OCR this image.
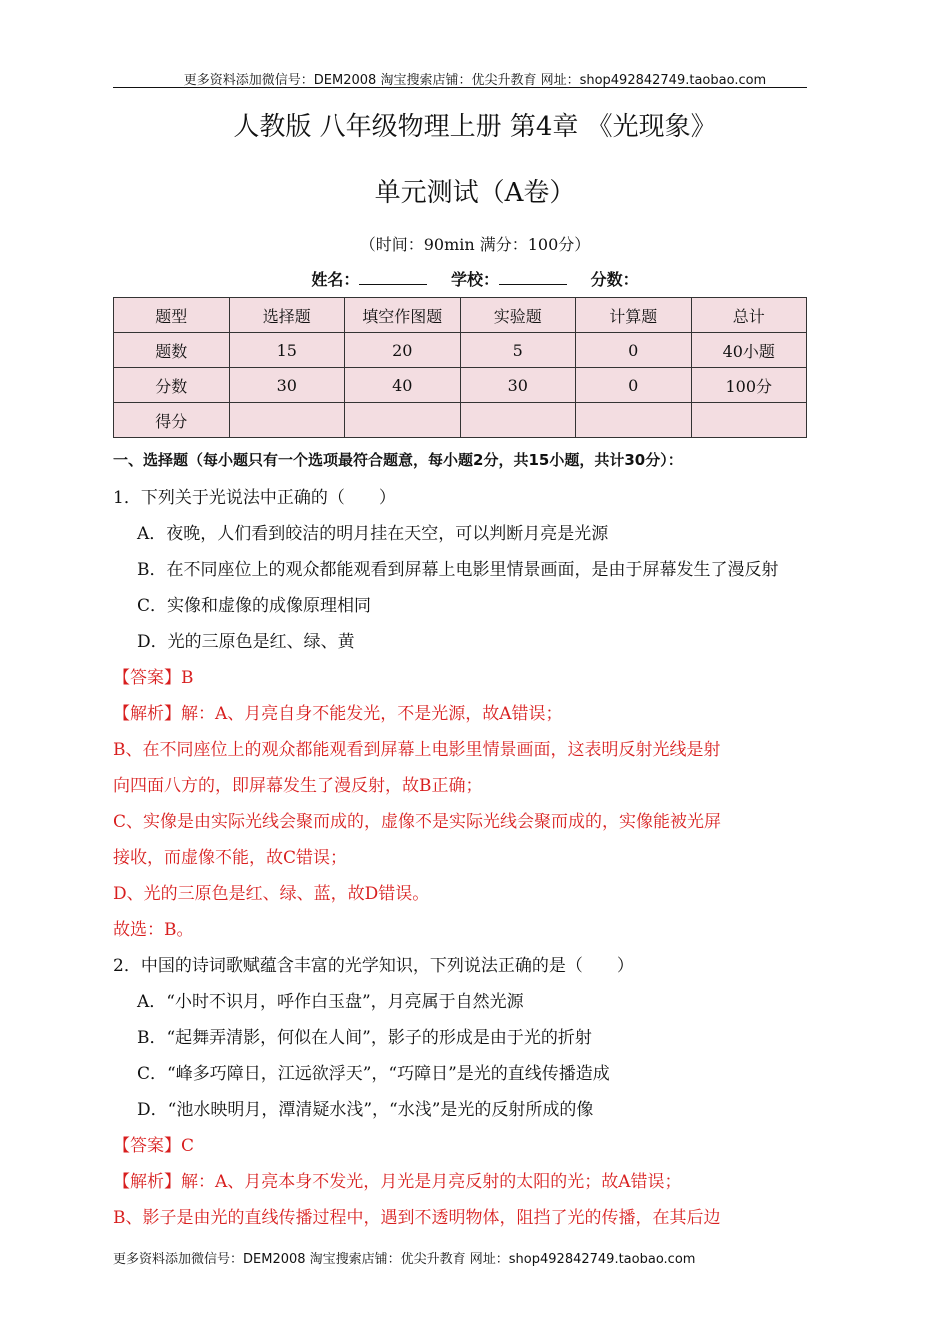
更多资料添加微信号：DEM2008 淘宝搜索店铺：优尖升教育 网址：shop492842749.taobao.com
人教版 八年级物理上册 第4章 《光现象》
单元测试（A卷）
（时间：90min 满分：100分）
姓名：	学校：	分数：
题型	选择题	填空作图题	实验题	计算题	总计
题数	15	20	5	0	40小题
分数	30	40	30	0	100分
得分					
一、选择题（每小题只有一个选项最符合题意，每小题2分，共15小题，共计30分）：
1．下列关于光说法中正确的（　　）
A．夜晚，人们看到皎洁的明月挂在天空，可以判断月亮是光源
B．在不同座位上的观众都能观看到屏幕上电影里情景画面，是由于屏幕发生了漫反射
C．实像和虚像的成像原理相同
D．光的三原色是红、绿、黄
【答案】B
【解析】解：A、月亮自身不能发光，不是光源，故A错误；
B、在不同座位上的观众都能观看到屏幕上电影里情景画面，这表明反射光线是射
向四面八方的，即屏幕发生了漫反射，故B正确；
C、实像是由实际光线会聚而成的，虚像不是实际光线会聚而成的，实像能被光屏
接收，而虚像不能，故C错误；
D、光的三原色是红、绿、蓝，故D错误。
故选：B。
2．中国的诗词歌赋蕴含丰富的光学知识，下列说法正确的是（　　）
A．“小时不识月，呼作白玉盘”，月亮属于自然光源
B．“起舞弄清影，何似在人间”，影子的形成是由于光的折射
C．“峰多巧障日，江远欲浮天”，“巧障日”是光的直线传播造成
D．“池水映明月，潭清疑水浅”，“水浅”是光的反射所成的像
【答案】C
【解析】解：A、月亮本身不发光，月光是月亮反射的太阳的光；故A错误；
B、影子是由光的直线传播过程中，遇到不透明物体，阻挡了光的传播，在其后边
更多资料添加微信号：DEM2008 淘宝搜索店铺：优尖升教育 网址：shop492842749.taobao.com
